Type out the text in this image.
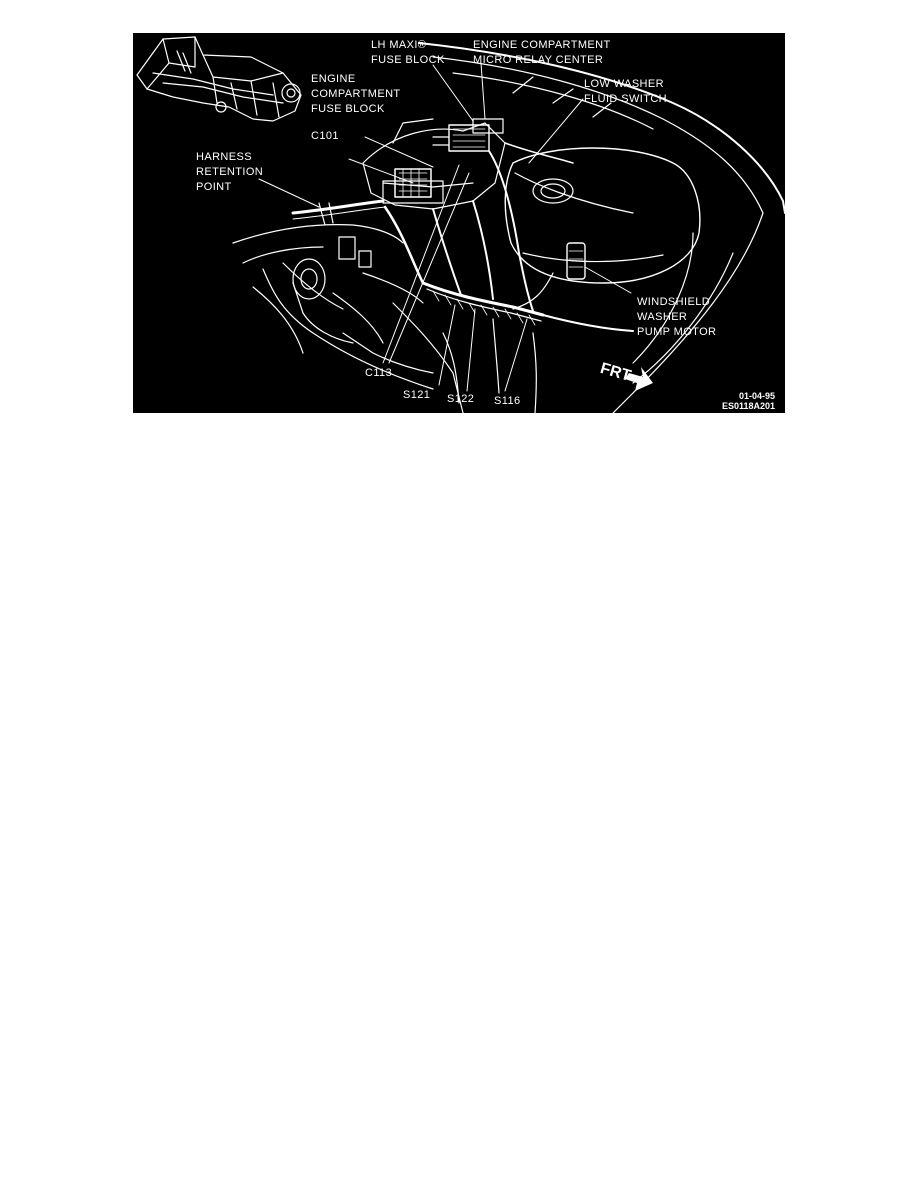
LH MAXI®
FUSE BLOCK
ENGINE COMPARTMENT
MICRO RELAY CENTER
LOW WASHER
FLUID SWITCH
ENGINE
COMPARTMENT
FUSE BLOCK
C101
HARNESS
RETENTION
POINT
WINDSHIELD
WASHER
PUMP MOTOR
C113
S121 S122 S116
FRT
01-04-95
ES0118A201
